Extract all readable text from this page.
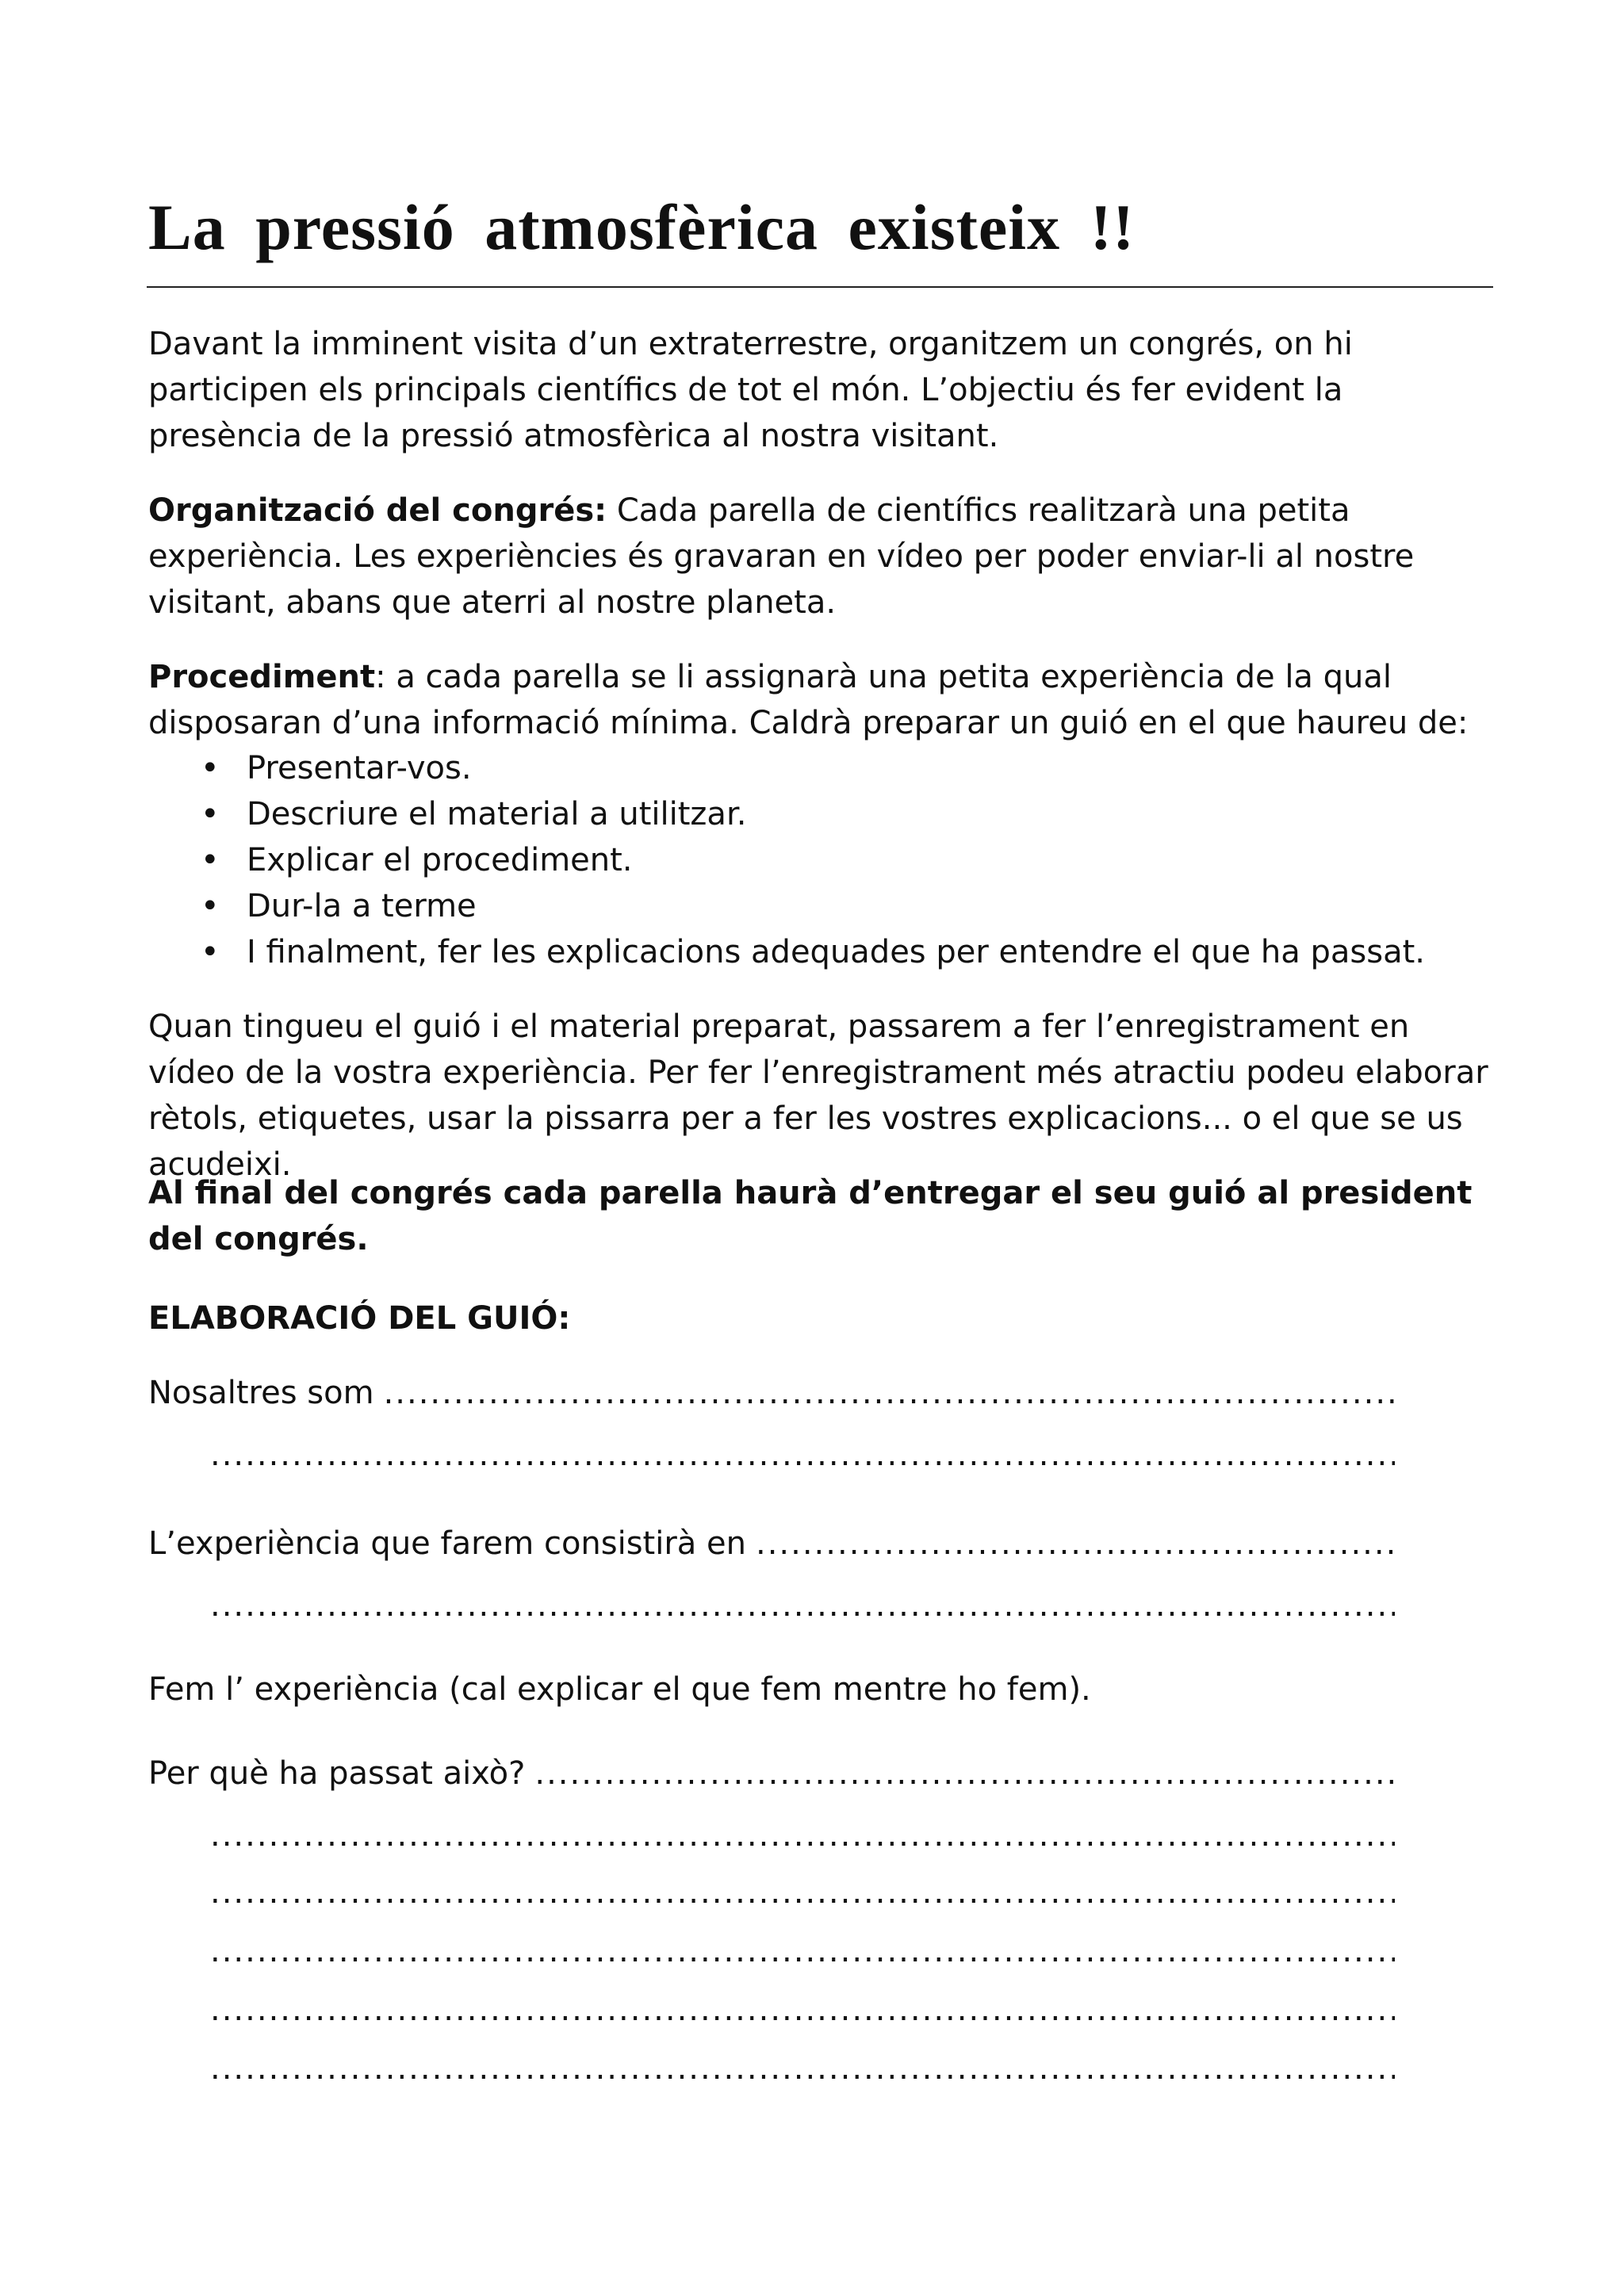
La pressió atmosfèrica existeix !!

Davant la imminent visita d’un extraterrestre, organitzem un congrés, on hi participen els principals científics de tot el món. L’objectiu és fer evident la presència de la pressió atmosfèrica al nostra visitant.

Organització del congrés: Cada parella de científics realitzarà una petita experiència. Les experiències és gravaran en vídeo per poder enviar-li al nostre visitant, abans que aterri al nostre planeta.

Procediment: a cada parella se li assignarà una petita experiència de la qual disposaran d’una informació mínima. Caldrà preparar un guió en el que haureu de:

• Presentar-vos.
• Descriure el material a utilitzar.
• Explicar el procediment.
• Dur-la a terme
• I finalment, fer les explicacions adequades per entendre el que ha passat.

Quan tingueu el guió i el material preparat, passarem a fer l’enregistrament en vídeo de la vostra experiència. Per fer l’enregistrament més atractiu podeu elaborar rètols, etiquetes, usar la pissarra per a fer les vostres explicacions... o el que se us acudeixi.

Al final del congrés cada parella haurà d’entregar el seu guió al president del congrés.

ELABORACIÓ DEL GUIÓ:

Nosaltres som
.....
.....
L’experiència que farem consistirà en
.....
.....
Fem l’ experiència (cal explicar el que fem mentre ho fem).
Per què ha passat això?
.....
.....
.....
.....
.....
.....
